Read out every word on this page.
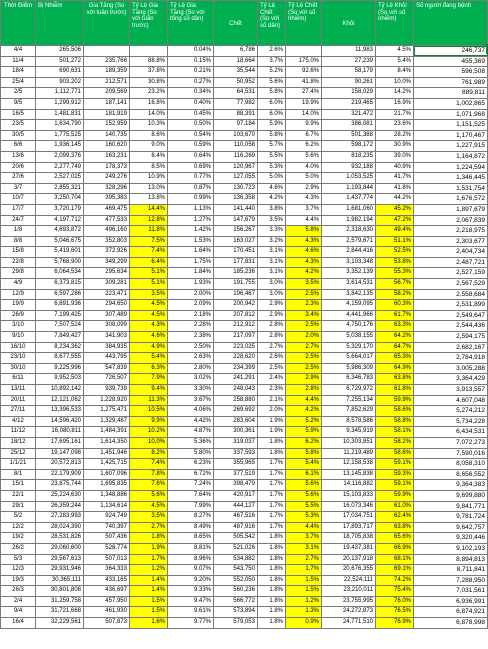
Thời Điểm	Bị Nhiễm	Gia Tăng (So với tuần trước)	Tỷ Lệ Gia Tăng (So với tuần trước)	Tỷ Lệ Gia Tăng (So với tổng số dân)	Chết	Tỷ Lệ Chết (So với số dân)	Tỷ Lệ Chết (So với số nhiễm)	Khỏi	Tỷ Lệ Khỏi (So với số nhiễm)	Số người đang bệnh
4/4	265,506			0.04%	6,786	2.6%		11,983	4.5%	246,737
11/4	501,272	235,766	88.8%	0.15%	18,664	3.7%	175.0%	27,239	5.4%	455,369
18/4	690,631	189,359	37.8%	0.21%	35,544	5.2%	92.6%	58,179	8.4%	596,508
25/4	903,202	212,571	30.8%	0.27%	50,952	5.6%	41.8%	90,261	10.0%	761,989
2/5	1,112,771	209,569	23.2%	0.34%	64,531	5.8%	27.4%	158,029	14.2%	889,811
9/5	1,299,912	187,141	16.8%	0.40%	77,982	6.0%	19.9%	219,465	16.9%	1,002,865
16/5	1,481,831	181,919	14.0%	0.45%	88,391	6.0%	14.0%	321,472	21.7%	1,071,968
23/5	1,634,790	152,959	10.3%	0.50%	97,184	5.9%	9.9%	386,081	23.6%	1,151,525
30/5	1,775,525	140,735	8.6%	0.54%	103,670	5.8%	6.7%	501,388	28.2%	1,170,467
6/6	1,936,145	160,620	9.0%	0.59%	110,058	5.7%	6.2%	598,172	30.9%	1,227,915
13/6	2,099,376	163,231	8.4%	0.64%	116,269	5.5%	5.6%	818,235	39.0%	1,164,872
20/6	2,277,749	178,373	8.5%	0.69%	120,967	5.3%	4.0%	932,188	40.9%	1,224,594
27/6	2,527,025	249,276	10.9%	0.77%	127,055	5.0%	5.0%	1,053,525	41.7%	1,346,445
3/7	2,855,321	328,296	13.0%	0.87%	130,723	4.6%	2.9%	1,193,844	41.8%	1,531,754
10/7	3,250,704	395,383	13.8%	0.99%	136,358	4.2%	4.3%	1,437,774	44.2%	1,676,572
17/7	3,720,179	469,475	14.4%	1.13%	141,440	3.8%	3.7%	1,681,060	45.2%	1,897,679
24/7	4,197,712	477,533	12.8%	1.27%	147,679	3.5%	4.4%	1,982,194	47.2%	2,067,839
1/8	4,693,872	496,160	11.8%	1.42%	156,267	3.3%	5.8%	2,318,630	49.4%	2,218,975
8/8	5,046,675	352,803	7.5%	1.53%	163,027	3.2%	4.3%	2,579,671	51.1%	2,303,677
15/8	5,419,601	372,926	7.4%	1.64%	170,451	3.1%	4.6%	2,844,416	52.5%	2,404,734
22/8	5,768,900	349,299	6.4%	1.75%	177,831	3.1%	4.3%	3,103,348	53.8%	2,487,721
29/8	6,064,534	295,634	5.1%	1.84%	185,236	3.1%	4.2%	3,352,139	55.3%	2,527,159
4/9	6,373,815	309,281	5.1%	1.93%	191,755	3.0%	3.5%	3,614,531	56.7%	2,567,529
12/9	6,597,286	223,471	3.5%	2.00%	196,467	3.0%	2.5%	3,842,135	58.2%	2,558,684
19/9	6,891,936	294,650	4.5%	2.09%	200,942	2.9%	2.3%	4,159,095	60.3%	2,531,899
26/9	7,199,425	307,489	4.5%	2.18%	207,812	2.9%	3.4%	4,441,966	61.7%	2,549,647
3/10	7,507,524	308,099	4.3%	2.28%	212,912	2.8%	2.5%	4,750,176	63.3%	2,544,436
9/10	7,849,427	341,903	4.6%	2.38%	217,097	2.8%	2.0%	5,038,155	64.2%	2,594,175
16/10	8,234,362	384,935	4.9%	2.50%	223,025	2.7%	2.7%	5,329,170	64.7%	2,682,167
23/10	8,677,555	443,795	5.4%	2.63%	228,620	2.6%	2.5%	5,664,017	65.3%	2,784,918
30/10	9,225,996	547,839	6.3%	2.80%	234,399	2.5%	2.5%	5,986,309	64.9%	3,005,288
6/11	9,952,503	726,507	7.9%	3.02%	241,291	2.4%	2.9%	6,346,783	63.8%	3,364,429
13/11	10,892,142	939,739	9.4%	3.30%	248,043	2.3%	2.8%	6,729,972	61.8%	3,913,557
20/11	12,121,062	1,228,920	11.3%	3.67%	258,880	2.1%	4.4%	7,255,134	59.9%	4,607,048
27/11	13,396,533	1,275,471	10.5%	4.06%	269,692	2.0%	4.2%	7,852,629	58.6%	5,274,212
4/12	14,596,420	1,329,487	9.9%	4.42%	283,604	1.9%	5.2%	8,578,586	58.8%	5,734,228
11/12	16,080,811	1,484,391	10.2%	4.87%	300,361	1.9%	5.9%	9,345,919	58.1%	6,434,531
18/12	17,695,161	1,614,350	10.0%	5.36%	319,037	1.8%	6.2%	10,303,851	58.2%	7,072,273
25/12	19,147,098	1,451,946	8.2%	5.80%	337,593	1.8%	5.8%	11,219,489	58.6%	7,590,016
1/1/21	20,572,813	1,425,715	7.4%	6.23%	355,965	1.7%	5.4%	12,158,538	59.1%	8,058,310
8/1	22,179,909	1,607,096	7.8%	6.72%	377,519	1.7%	6.1%	13,145,838	59.3%	8,656,552
15/1	23,875,744	1,695,835	7.6%	7.24%	398,479	1.7%	5.6%	14,116,882	59.1%	9,364,383
22/1	25,224,630	1,348,886	5.6%	7.64%	420,917	1.7%	5.6%	15,103,833	59.9%	9,699,880
29/1	26,359,244	1,134,614	4.5%	7.99%	444,127	1.7%	5.5%	16,073,346	61.0%	9,841,771
5/2	27,283,993	924,749	3.5%	8.27%	467,516	1.7%	5.3%	17,034,751	62.4%	9,781,724
12/2	28,024,390	740,397	2.7%	8.49%	487,916	1.7%	4.4%	17,893,717	63.8%	9,642,757
19/2	28,531,826	507,436	1.8%	8.65%	505,542	1.8%	3.7%	18,705,838	65.6%	9,320,446
26/2	29,060,600	528,774	1.9%	8.81%	521,026	1.8%	3.1%	19,437,381	66.9%	9,102,193
5/3	29,567,613	507,013	1.7%	8.96%	534,882	1.8%	2.7%	20,137,918	68.1%	8,894,813
12/3	29,931,946	364,333	1.2%	9.07%	543,750	1.8%	1.7%	20,676,355	69.1%	8,711,841
19/3	30,365,111	433,165	1.4%	9.20%	552,050	1.8%	1.5%	22,524,111	74.2%	7,288,950
26/3	30,801,808	436,697	1.4%	9.33%	560,236	1.8%	1.5%	23,210,011	75.4%	7,031,561
2/4	31,259,758	457,950	1.5%	9.47%	566,772	1.8%	1.2%	23,755,995	76.0%	6,936,991
9/4	31,721,668	461,930	1.5%	9.61%	573,894	1.8%	1.3%	24,272,873	76.5%	6,874,921
16/4	32,229,561	507,873	1.6%	9.77%	579,053	1.8%	0.9%	24,771,510	76.9%	6,878,998
